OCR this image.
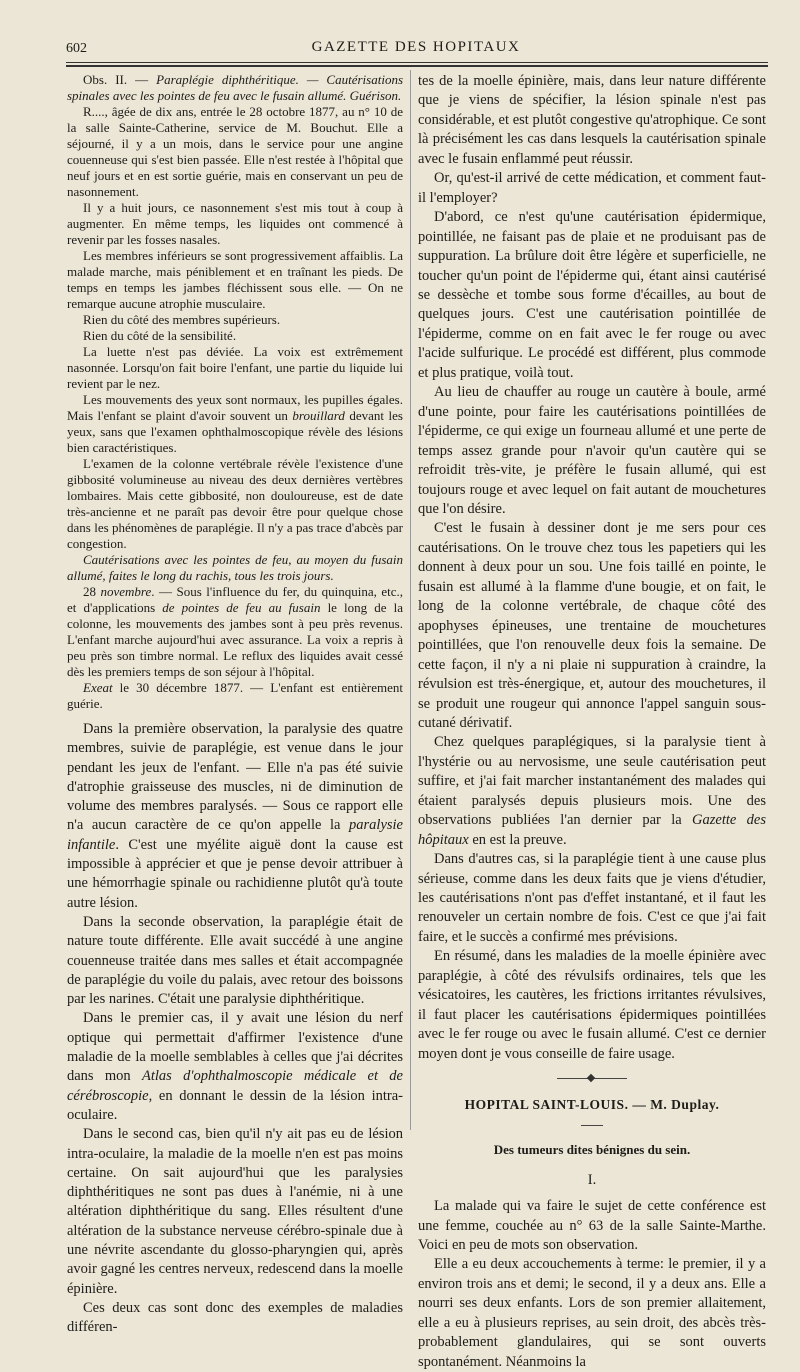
602	GAZETTE DES HOPITAUX

Obs. II. — Paraplégie diphthéritique. — Cautérisations spinales avec les pointes de feu avec le fusain allumé. Guérison.

R...., âgée de dix ans, entrée le 28 octobre 1877, au n° 10 de la salle Sainte-Catherine, service de M. Bouchut. Elle a séjourné, il y a un mois, dans le service pour une angine couenneuse qui s'est bien passée. Elle n'est restée à l'hôpital que neuf jours et en est sortie guérie, mais en conservant un peu de nasonnement.

Il y a huit jours, ce nasonnement s'est mis tout à coup à augmenter. En même temps, les liquides ont commencé à revenir par les fosses nasales.

Les membres inférieurs se sont progressivement affaiblis. La malade marche, mais péniblement et en traînant les pieds. De temps en temps les jambes fléchissent sous elle. — On ne remarque aucune atrophie musculaire.

Rien du côté des membres supérieurs.

Rien du côté de la sensibilité.

La luette n'est pas déviée. La voix est extrêmement nasonnée. Lorsqu'on fait boire l'enfant, une partie du liquide lui revient par le nez.

Les mouvements des yeux sont normaux, les pupilles égales. Mais l'enfant se plaint d'avoir souvent un brouillard devant les yeux, sans que l'examen ophthalmoscopique révèle des lésions bien caractéristiques.

L'examen de la colonne vertébrale révèle l'existence d'une gibbosité volumineuse au niveau des deux dernières vertèbres lombaires. Mais cette gibbosité, non douloureuse, est de date très-ancienne et ne paraît pas devoir être pour quelque chose dans les phénomènes de paraplégie. Il n'y a pas trace d'abcès par congestion.

Cautérisations avec les pointes de feu, au moyen du fusain allumé, faites le long du rachis, tous les trois jours.

28 novembre. — Sous l'influence du fer, du quinquina, etc., et d'applications de pointes de feu au fusain le long de la colonne, les mouvements des jambes sont à peu près revenus. L'enfant marche aujourd'hui avec assurance. La voix a repris à peu près son timbre normal. Le reflux des liquides avait cessé dès les premiers temps de son séjour à l'hôpital.

Exeat le 30 décembre 1877. — L'enfant est entièrement guérie.

Dans la première observation, la paralysie des quatre membres, suivie de paraplégie, est venue dans le jour pendant les jeux de l'enfant. — Elle n'a pas été suivie d'atrophie graisseuse des muscles, ni de diminution de volume des membres paralysés. — Sous ce rapport elle n'a aucun caractère de ce qu'on appelle la paralysie infantile. C'est une myélite aiguë dont la cause est impossible à apprécier et que je pense devoir attribuer à une hémorrhagie spinale ou rachidienne plutôt qu'à toute autre lésion.

Dans la seconde observation, la paraplégie était de nature toute différente. Elle avait succédé à une angine couenneuse traitée dans mes salles et était accompagnée de paraplégie du voile du palais, avec retour des boissons par les narines. C'était une paralysie diphthéritique.

Dans le premier cas, il y avait une lésion du nerf optique qui permettait d'affirmer l'existence d'une maladie de la moelle semblables à celles que j'ai décrites dans mon Atlas d'ophthalmoscopie médicale et de cérébroscopie, en donnant le dessin de la lésion intra-oculaire.

Dans le second cas, bien qu'il n'y ait pas eu de lésion intra-oculaire, la maladie de la moelle n'en est pas moins certaine. On sait aujourd'hui que les paralysies diphthéritiques ne sont pas dues à l'anémie, ni à une altération diphthéritique du sang. Elles résultent d'une altération de la substance nerveuse cérébro-spinale due à une névrite ascendante du glosso-pharyngien qui, après avoir gagné les centres nerveux, redescend dans la moelle épinière.

Ces deux cas sont donc des exemples de maladies différen-

tes de la moelle épinière, mais, dans leur nature différente que je viens de spécifier, la lésion spinale n'est pas considérable, et est plutôt congestive qu'atrophique. Ce sont là précisément les cas dans lesquels la cautérisation spinale avec le fusain enflammé peut réussir.

Or, qu'est-il arrivé de cette médication, et comment faut-il l'employer?

D'abord, ce n'est qu'une cautérisation épidermique, pointillée, ne faisant pas de plaie et ne produisant pas de suppuration. La brûlure doit être légère et superficielle, ne toucher qu'un point de l'épiderme qui, étant ainsi cautérisé se dessèche et tombe sous forme d'écailles, au bout de quelques jours. C'est une cautérisation pointillée de l'épiderme, comme on en fait avec le fer rouge ou avec l'acide sulfurique. Le procédé est différent, plus commode et plus pratique, voilà tout.

Au lieu de chauffer au rouge un cautère à boule, armé d'une pointe, pour faire les cautérisations pointillées de l'épiderme, ce qui exige un fourneau allumé et une perte de temps assez grande pour n'avoir qu'un cautère qui se refroidit très-vite, je préfère le fusain allumé, qui est toujours rouge et avec lequel on fait autant de mouchetures que l'on désire.

C'est le fusain à dessiner dont je me sers pour ces cautérisations. On le trouve chez tous les papetiers qui les donnent à deux pour un sou. Une fois taillé en pointe, le fusain est allumé à la flamme d'une bougie, et on fait, le long de la colonne vertébrale, de chaque côté des apophyses épineuses, une trentaine de mouchetures pointillées, que l'on renouvelle deux fois la semaine. De cette façon, il n'y a ni plaie ni suppuration à craindre, la révulsion est très-énergique, et, autour des mouchetures, il se produit une rougeur qui annonce l'appel sanguin sous-cutané dérivatif.

Chez quelques paraplégiques, si la paralysie tient à l'hystérie ou au nervosisme, une seule cautérisation peut suffire, et j'ai fait marcher instantanément des malades qui étaient paralysés depuis plusieurs mois. Une des observations publiées l'an dernier par la Gazette des hôpitaux en est la preuve.

Dans d'autres cas, si la paraplégie tient à une cause plus sérieuse, comme dans les deux faits que je viens d'étudier, les cautérisations n'ont pas d'effet instantané, et il faut les renouveler un certain nombre de fois. C'est ce que j'ai fait faire, et le succès a confirmé mes prévisions.

En résumé, dans les maladies de la moelle épinière avec paraplégie, à côté des révulsifs ordinaires, tels que les vésicatoires, les cautères, les frictions irritantes révulsives, il faut placer les cautérisations épidermiques pointillées avec le fer rouge ou avec le fusain allumé. C'est ce dernier moyen dont je vous conseille de faire usage.

HOPITAL SAINT-LOUIS. — M. Duplay.
Des tumeurs dites bénignes du sein.
I.

La malade qui va faire le sujet de cette conférence est une femme, couchée au n° 63 de la salle Sainte-Marthe. Voici en peu de mots son observation.

Elle a eu deux accouchements à terme: le premier, il y a environ trois ans et demi; le second, il y a deux ans. Elle a nourri ses deux enfants. Lors de son premier allaitement, elle a eu à plusieurs reprises, au sein droit, des abcès très-probablement glandulaires, qui se sont ouverts spontanément. Néanmoins la
